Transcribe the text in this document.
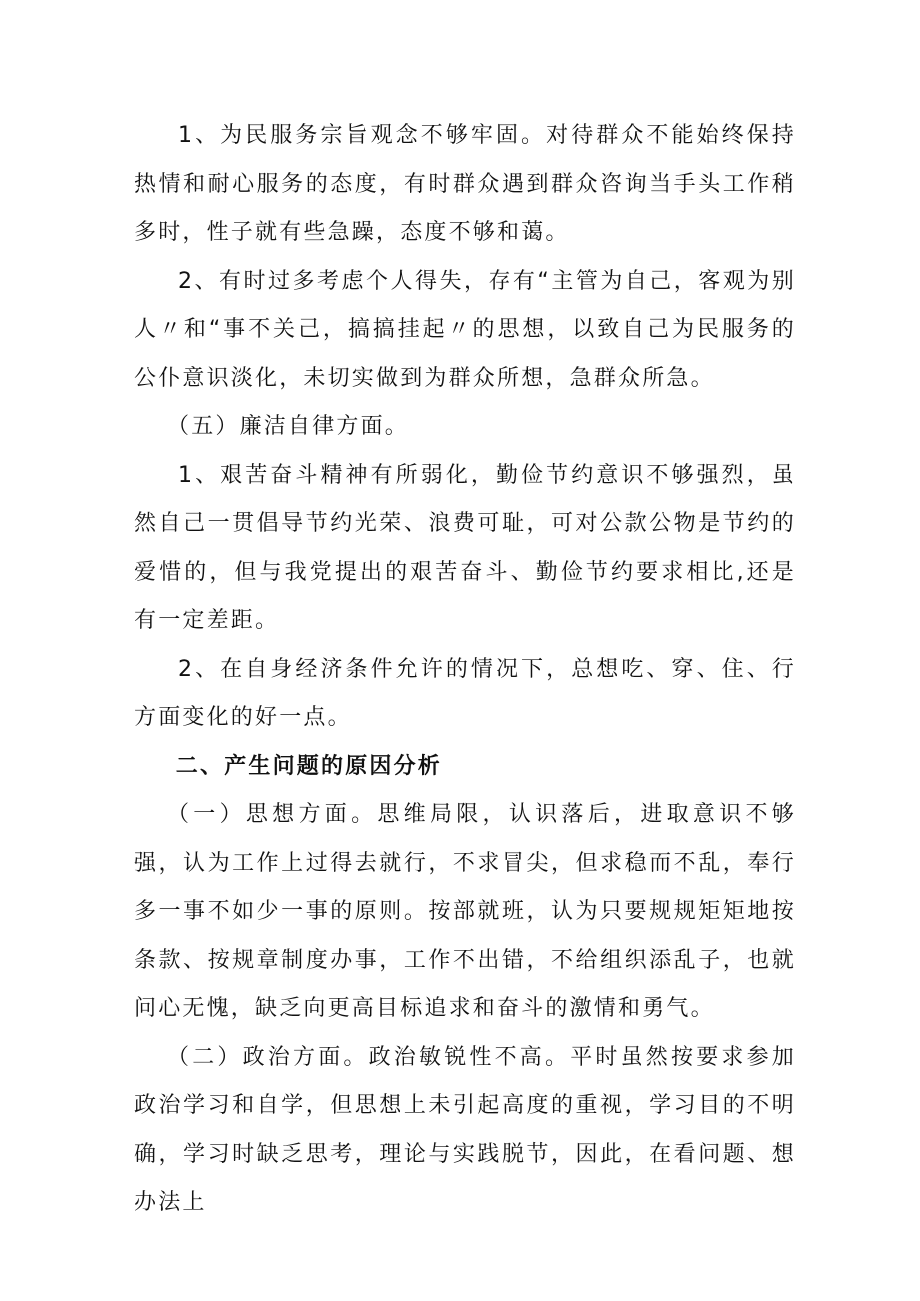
1、为民服务宗旨观念不够牢固。对待群众不能始终保持热情和耐心服务的态度，有时群众遇到群众咨询当手头工作稍多时，性子就有些急躁，态度不够和蔼。

2、有时过多考虑个人得失，存有“主管为自己，客观为别人〃和“事不关己，搞搞挂起〃的思想，以致自己为民服务的公仆意识淡化，未切实做到为群众所想，急群众所急。

（五）廉洁自律方面。

1、艰苦奋斗精神有所弱化，勤俭节约意识不够强烈，虽然自己一贯倡导节约光荣、浪费可耻，可对公款公物是节约的爱惜的，但与我党提出的艰苦奋斗、勤俭节约要求相比,还是有一定差距。

2、在自身经济条件允许的情况下，总想吃、穿、住、行方面变化的好一点。

二、产生问题的原因分析

（一）思想方面。思维局限，认识落后，进取意识不够强，认为工作上过得去就行，不求冒尖，但求稳而不乱，奉行多一事不如少一事的原则。按部就班，认为只要规规矩矩地按条款、按规章制度办事，工作不出错，不给组织添乱子，也就问心无愧，缺乏向更高目标追求和奋斗的激情和勇气。

（二）政治方面。政治敏锐性不高。平时虽然按要求参加政治学习和自学，但思想上未引起高度的重视，学习目的不明确，学习时缺乏思考，理论与实践脱节，因此，在看问题、想办法上
